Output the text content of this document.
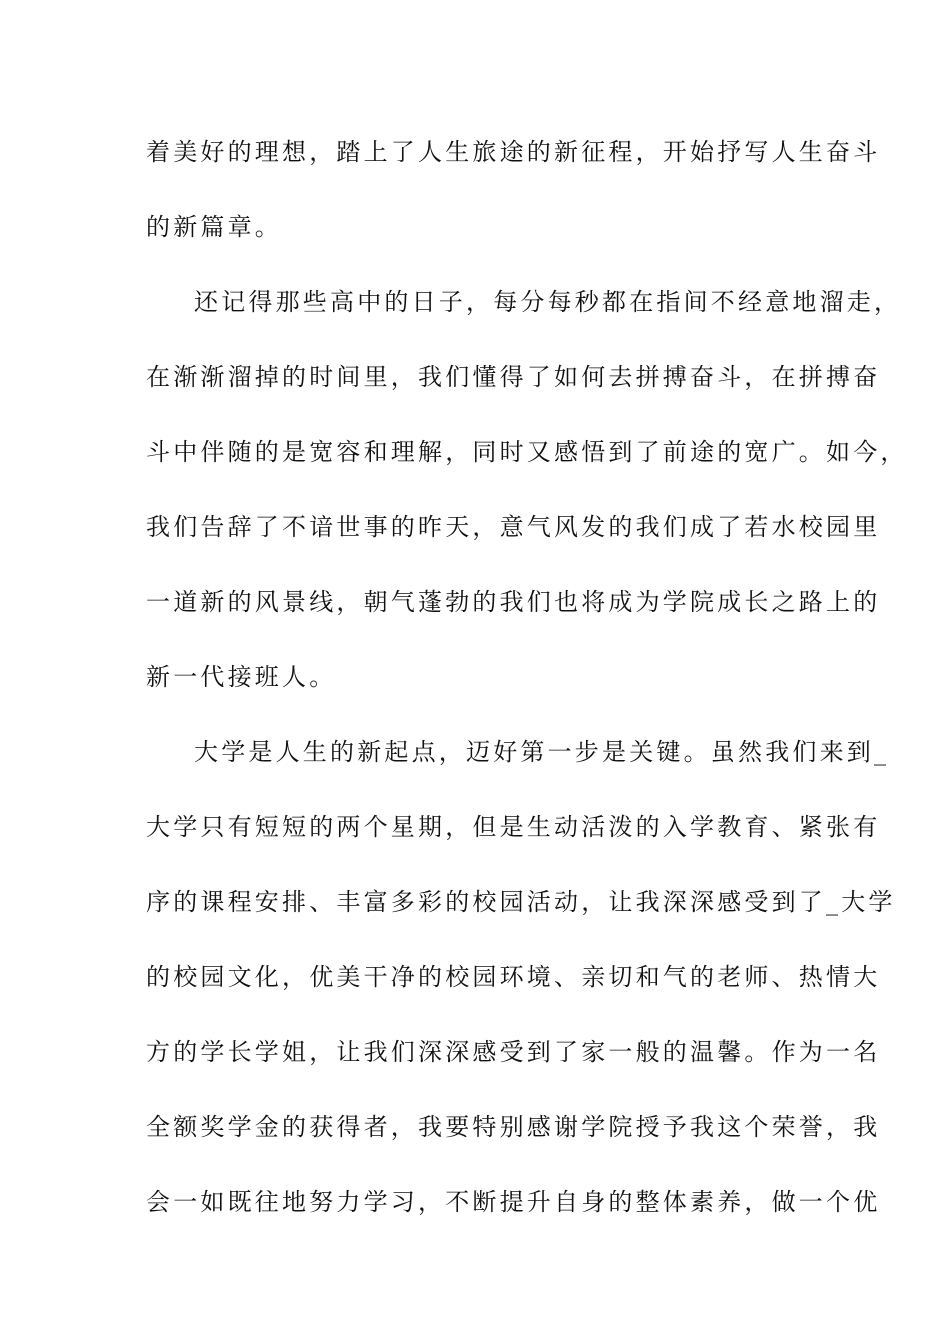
着美好的理想，踏上了人生旅途的新征程，开始抒写人生奋斗
的新篇章。
还记得那些高中的日子，每分每秒都在指间不经意地溜走，
在渐渐溜掉的时间里，我们懂得了如何去拼搏奋斗，在拼搏奋
斗中伴随的是宽容和理解，同时又感悟到了前途的宽广。如今，
我们告辞了不谙世事的昨天，意气风发的我们成了若水校园里
一道新的风景线，朝气蓬勃的我们也将成为学院成长之路上的
新一代接班人。
大学是人生的新起点，迈好第一步是关键。虽然我们来到_
大学只有短短的两个星期，但是生动活泼的入学教育、紧张有
序的课程安排、丰富多彩的校园活动，让我深深感受到了_大学
的校园文化，优美干净的校园环境、亲切和气的老师、热情大
方的学长学姐，让我们深深感受到了家一般的温馨。作为一名
全额奖学金的获得者，我要特别感谢学院授予我这个荣誉，我
会一如既往地努力学习，不断提升自身的整体素养，做一个优
